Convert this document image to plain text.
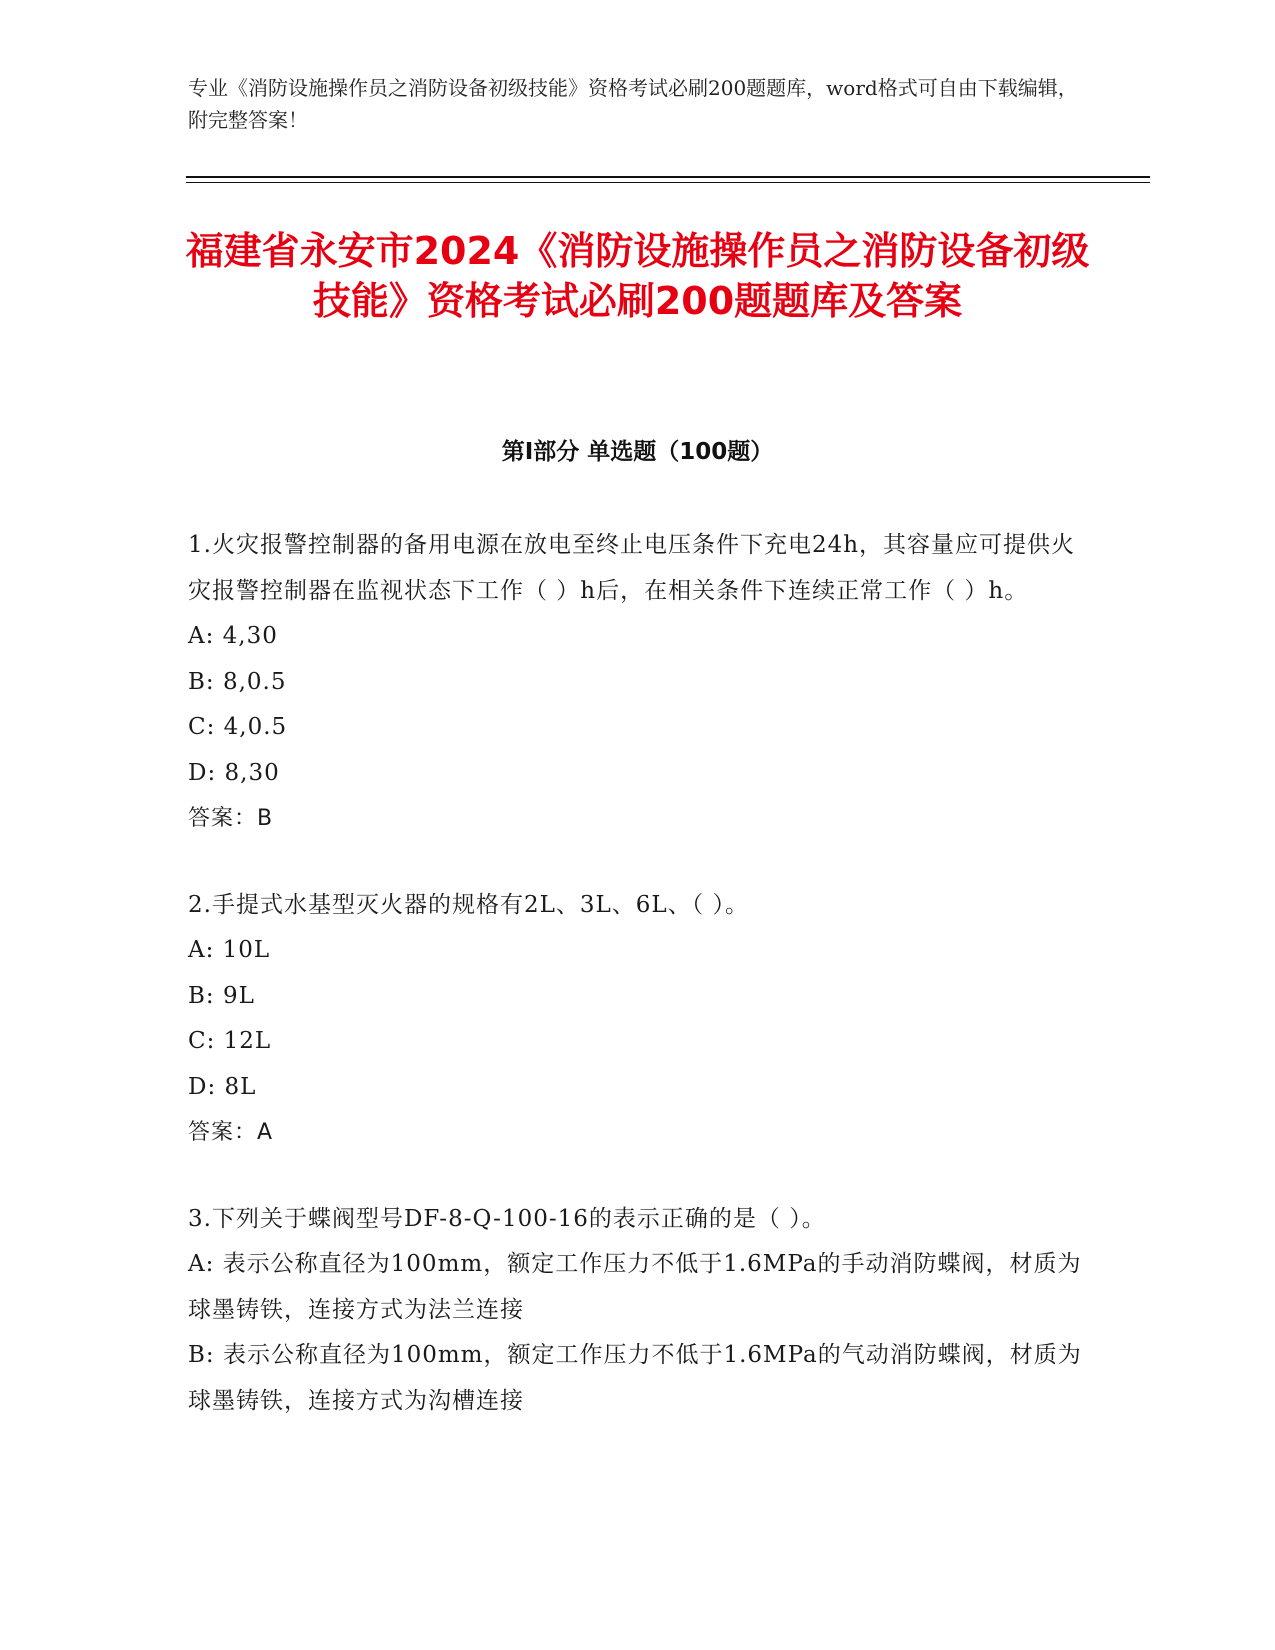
专业《消防设施操作员之消防设备初级技能》资格考试必刷200题题库，word格式可自由下载编辑，附完整答案！
福建省永安市2024《消防设施操作员之消防设备初级技能》资格考试必刷200题题库及答案
第I部分 单选题（100题）

1.火灾报警控制器的备用电源在放电至终止电压条件下充电24h，其容量应可提供火灾报警控制器在监视状态下工作（ ）h后，在相关条件下连续正常工作（ ）h。

A: 4,30

B: 8,0.5

C: 4,0.5

D: 8,30

答案：B

2.手提式水基型灭火器的规格有2L、3L、6L、（ ）。

A: 10L

B: 9L

C: 12L

D: 8L

答案：A

3.下列关于蝶阀型号DF-8-Q-100-16的表示正确的是（ ）。

A: 表示公称直径为100mm，额定工作压力不低于1.6MPa的手动消防蝶阀，材质为球墨铸铁，连接方式为法兰连接

B: 表示公称直径为100mm，额定工作压力不低于1.6MPa的气动消防蝶阀，材质为球墨铸铁，连接方式为沟槽连接
